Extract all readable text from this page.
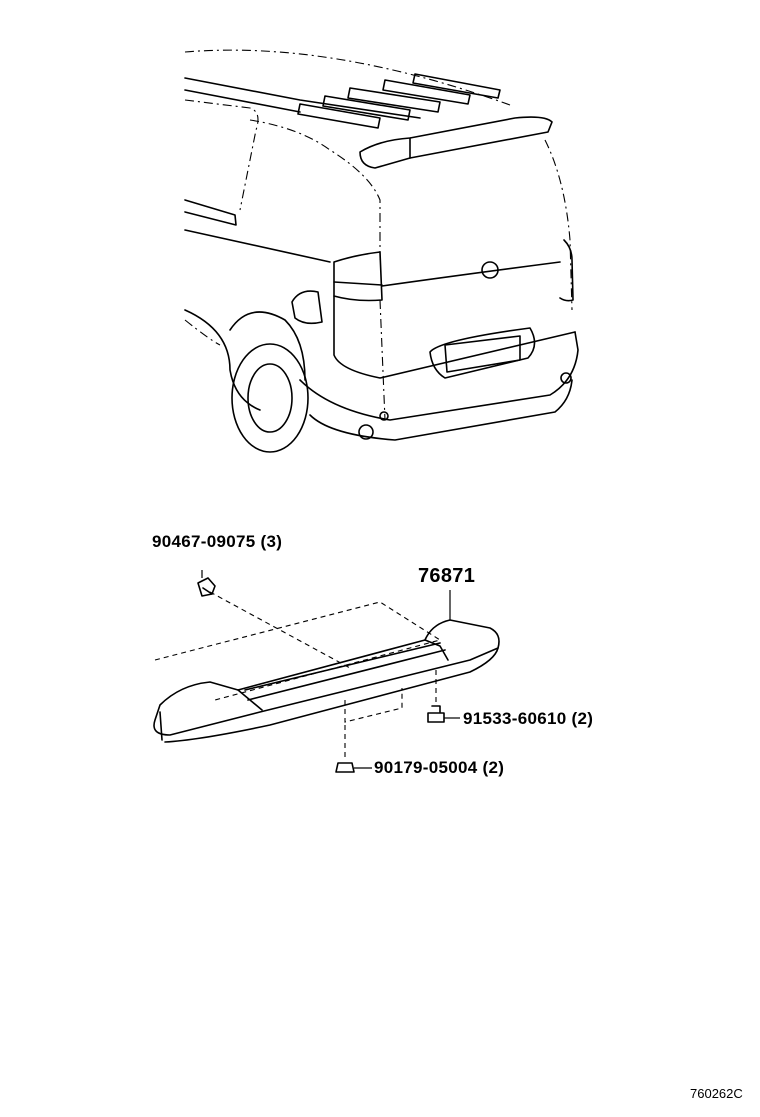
90467-09075 (3)
76871
91533-60610 (2)
90179-05004 (2)
760262C
